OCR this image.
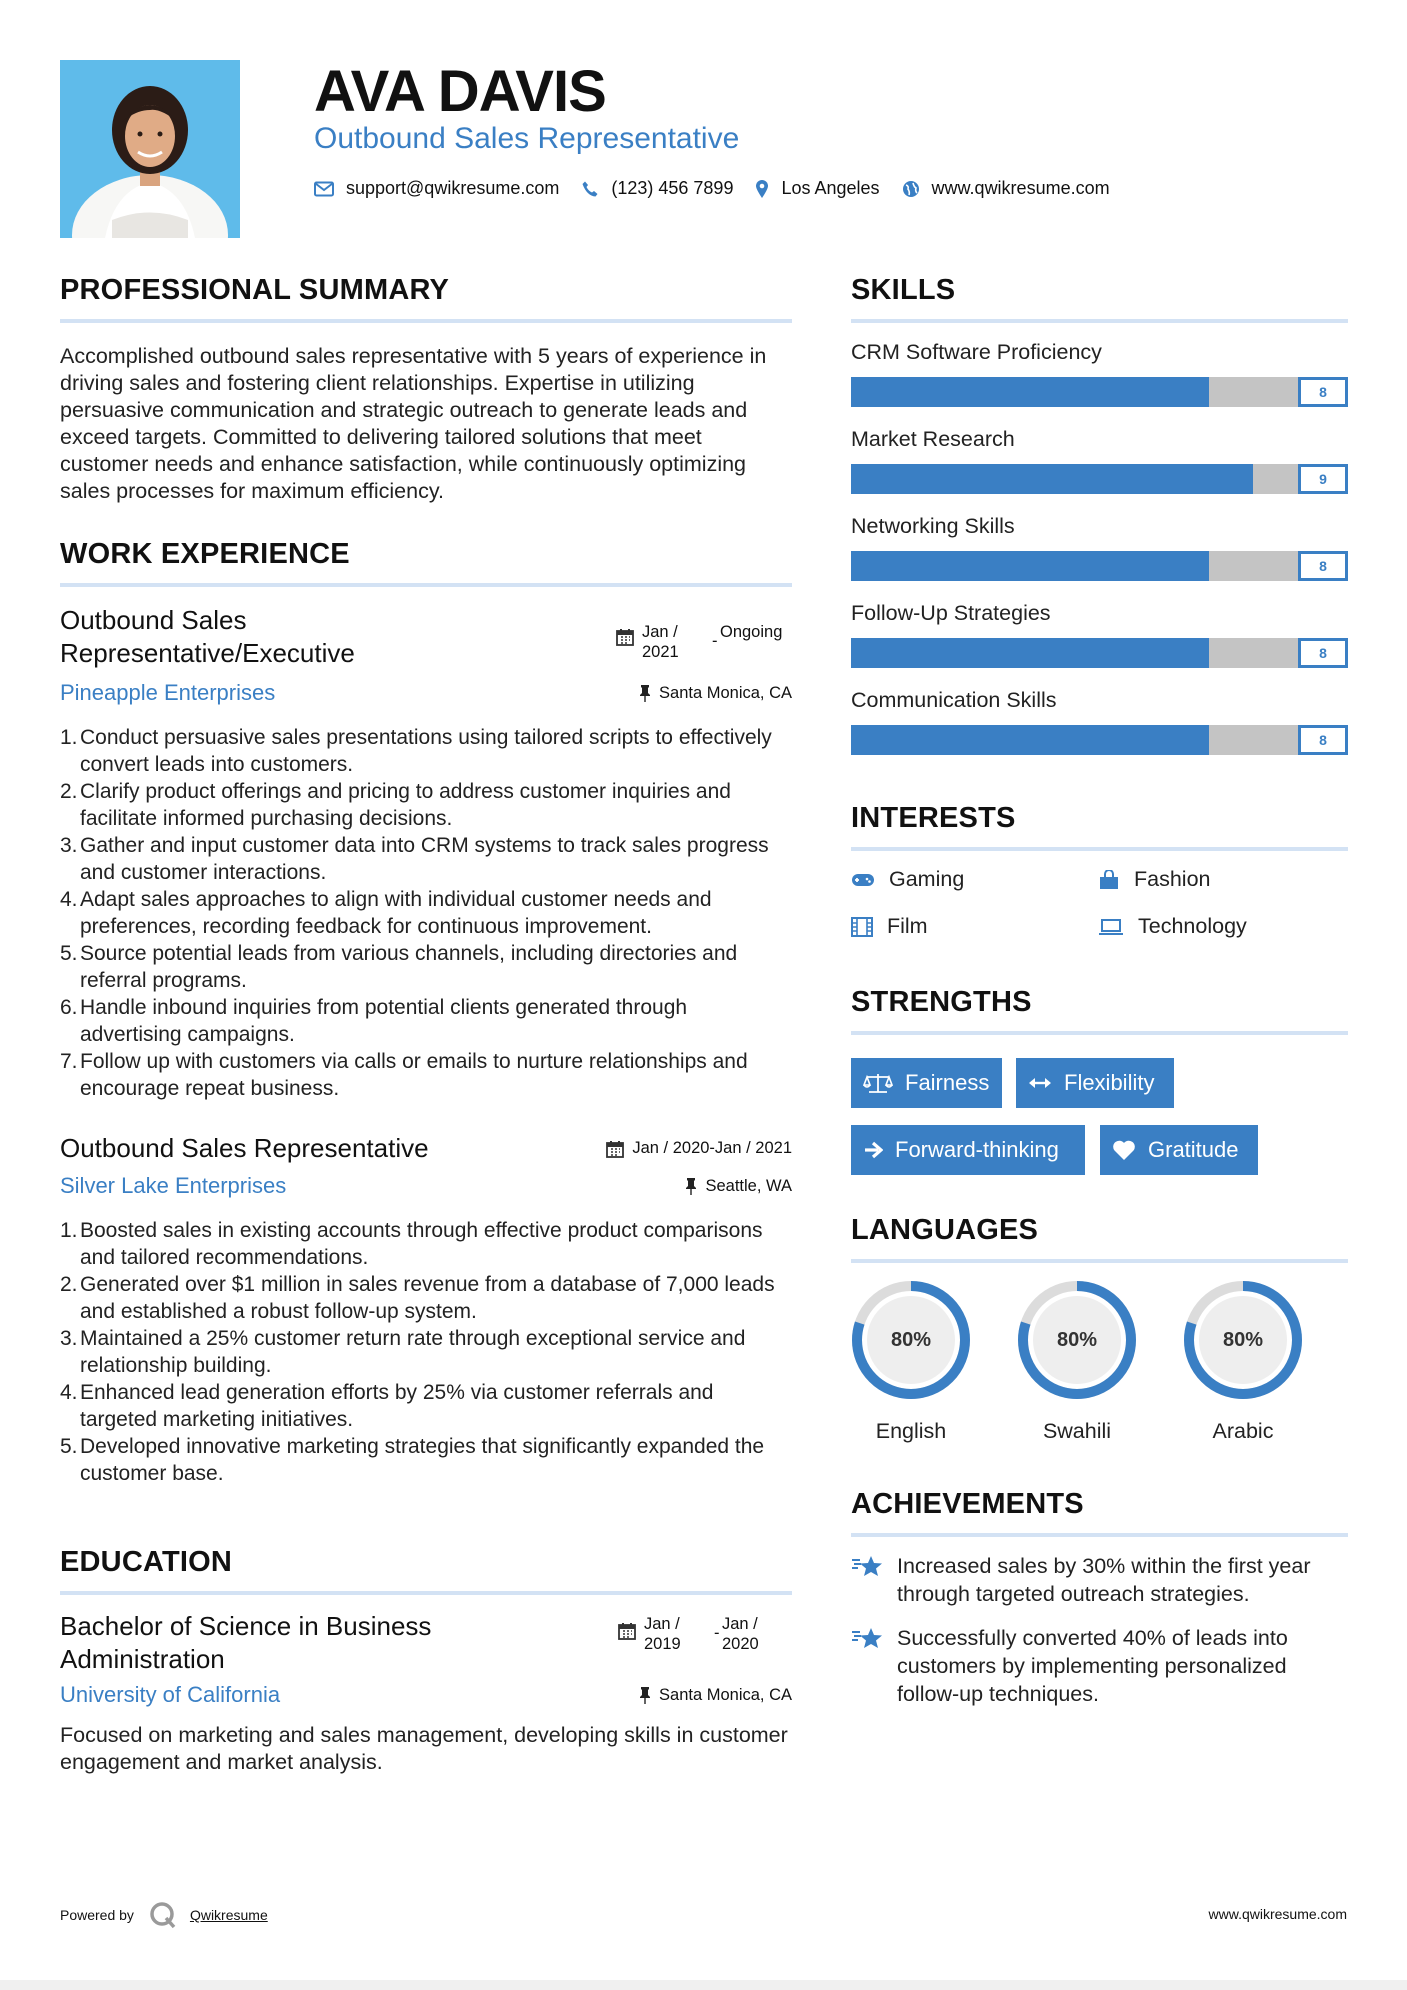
AVA DAVIS
Outbound Sales Representative
support@qwikresume.com	(123) 456 7899	Los Angeles	www.qwikresume.com
PROFESSIONAL SUMMARY

Accomplished outbound sales representative with 5 years of experience in driving sales and fostering client relationships. Expertise in utilizing persuasive communication and strategic outreach to generate leads and exceed targets. Committed to delivering tailored solutions that meet customer needs and enhance satisfaction, while continuously optimizing sales processes for maximum efficiency.

WORK EXPERIENCE
Outbound Sales Representative/Executive
Jan / 2021
- Ongoing
Pineapple Enterprises	Santa Monica, CA
1. Conduct persuasive sales presentations using tailored scripts to effectively convert leads into customers.
2. Clarify product offerings and pricing to address customer inquiries and facilitate informed purchasing decisions.
3. Gather and input customer data into CRM systems to track sales progress and customer interactions.
4. Adapt sales approaches to align with individual customer needs and preferences, recording feedback for continuous improvement.
5. Source potential leads from various channels, including directories and referral programs.
6. Handle inbound inquiries from potential clients generated through advertising campaigns.
7. Follow up with customers via calls or emails to nurture relationships and encourage repeat business.
Outbound Sales Representative	Jan / 2020-Jan / 2021
Silver Lake Enterprises	Seattle, WA
1. Boosted sales in existing accounts through effective product comparisons and tailored recommendations.
2. Generated over $1 million in sales revenue from a database of 7,000 leads and established a robust follow-up system.
3. Maintained a 25% customer return rate through exceptional service and relationship building.
4. Enhanced lead generation efforts by 25% via customer referrals and targeted marketing initiatives.
5. Developed innovative marketing strategies that significantly expanded the customer base.
EDUCATION
Bachelor of Science in Business Administration
Jan / 2019
- Jan / 2020
University of California	Santa Monica, CA

Focused on marketing and sales management, developing skills in customer engagement and market analysis.

SKILLS
CRM Software Proficiency
8
Market Research
9
Networking Skills
8
Follow-Up Strategies
8
Communication Skills
8
INTERESTS
Gaming	Fashion
Film	Technology
STRENGTHS
Fairness	Flexibility
Forward-thinking	Gratitude
LANGUAGES
80%
English
80%
Swahili
80%
Arabic
ACHIEVEMENTS
Increased sales by 30% within the first year through targeted outreach strategies.
Successfully converted 40% of leads into customers by implementing personalized follow-up techniques.
Powered by	Qwikresume	www.qwikresume.com
